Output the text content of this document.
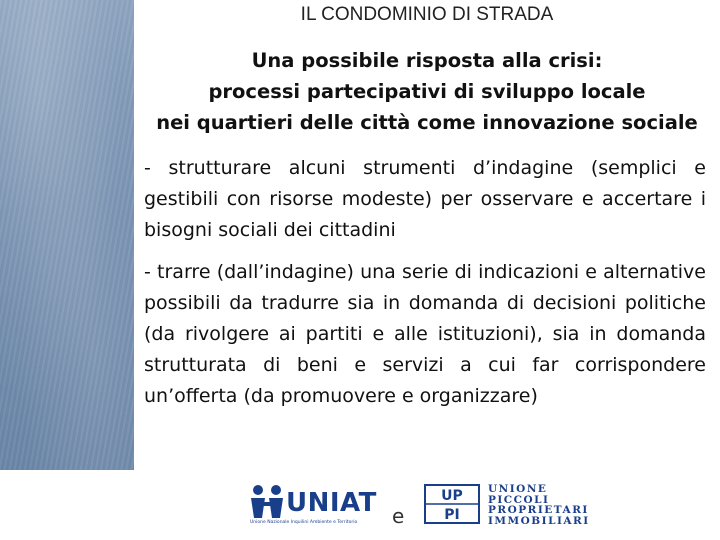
IL CONDOMINIO DI STRADA
Una possibile risposta alla crisi:
processi partecipativi di sviluppo locale
nei quartieri delle città come innovazione sociale

- strutturare alcuni strumenti d’indagine (semplici e gestibili con risorse modeste) per osservare e accertare i bisogni sociali dei cittadini

- trarre (dall’indagine) una serie di indicazioni e alternative possibili da tradurre sia in domanda di decisioni politiche (da rivolgere ai partiti e alle istituzioni), sia in domanda strutturata di beni e servizi a cui far corrispondere un’offerta (da promuovere e organizzare)

UNIAT
Unione Nazionale Inquilini Ambiente e Territorio	e
UP
PI
UNIONE
PICCOLI
PROPRIETARI
IMMOBILIARI
